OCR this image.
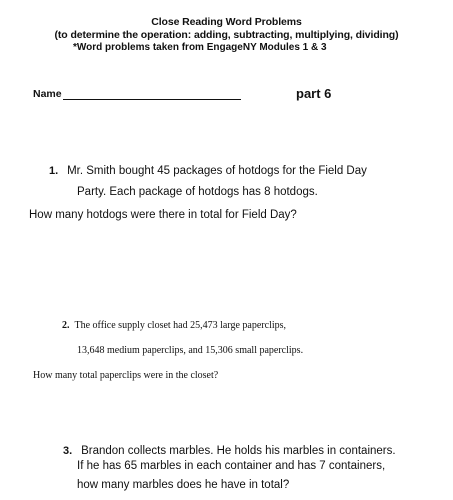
Close Reading Word Problems
(to determine the operation: adding, subtracting, multiplying, dividing)
*Word problems taken from EngageNY Modules 1 & 3
Name	part 6
1. Mr. Smith bought 45 packages of hotdogs for the Field Day
Party. Each package of hotdogs has 8 hotdogs.
How many hotdogs were there in total for Field Day?
2. The office supply closet had 25,473 large paperclips,
13,648 medium paperclips, and 15,306 small paperclips.
How many total paperclips were in the closet?
3. Brandon collects marbles. He holds his marbles in containers.
If he has 65 marbles in each container and has 7 containers,
how many marbles does he have in total?
